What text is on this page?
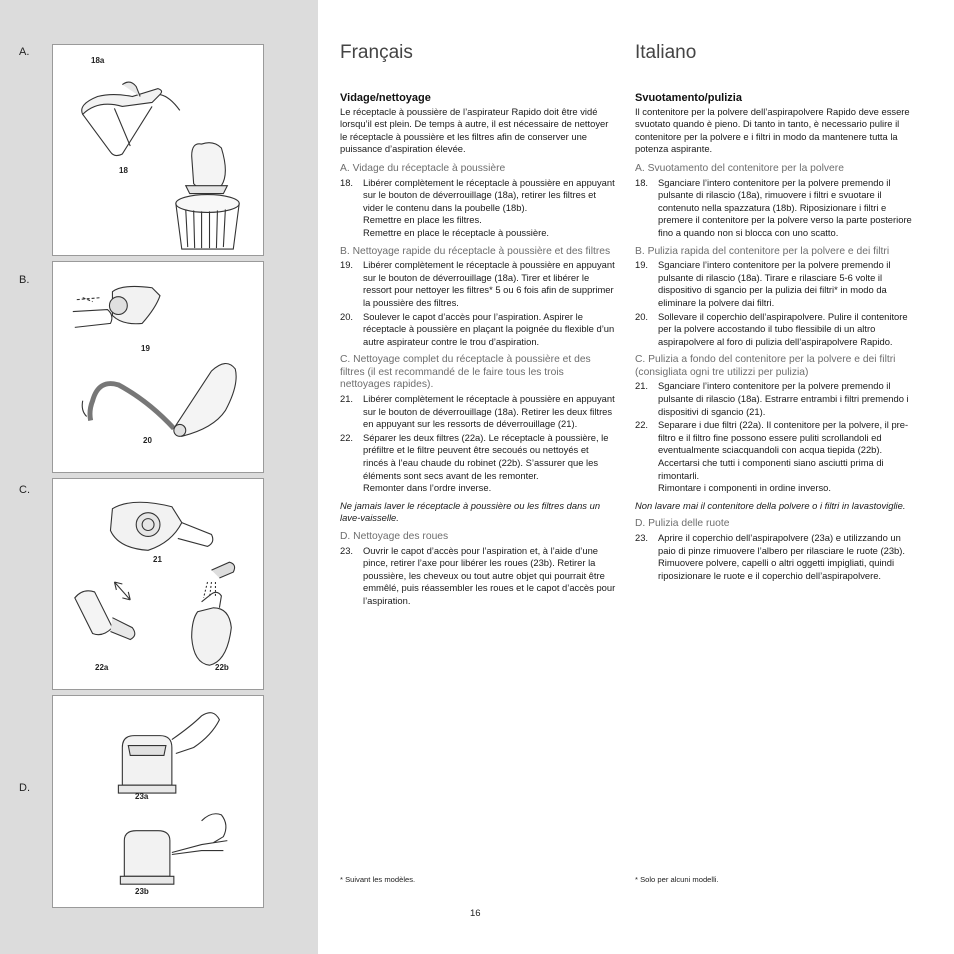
A.
B.
C.
D.
18a
18
19
20
21
22a	22b
23a
23b
Français
Vidage/nettoyage

Le réceptacle à poussière de l’aspirateur Rapido doit être vidé lorsqu’il est plein. De temps à autre, il est nécessaire de nettoyer le réceptacle à poussière et les filtres afin de conserver une puissance d’aspiration élevée.

A. Vidage du réceptacle à poussière
18. Libérer complètement le réceptacle à poussière en appuyant sur le bouton de déverrouillage (18a), retirer les filtres et vider le contenu dans la poubelle (18b).
Remettre en place les filtres.
Remettre en place le réceptacle à poussière.
B. Nettoyage rapide du réceptacle à poussière et des filtres
19. Libérer complètement le réceptacle à poussière en appuyant sur le bouton de déverrouillage (18a). Tirer et libérer le ressort pour nettoyer les filtres* 5 ou 6 fois afin de supprimer la poussière des filtres.
20. Soulever le capot d’accès pour l’aspiration. Aspirer le réceptacle à poussière en plaçant la poignée du flexible d’un autre aspirateur contre le trou d’aspiration.
C. Nettoyage complet du réceptacle à poussière et des filtres (il est recommandé de le faire tous les trois nettoyages rapides).
21. Libérer complètement le réceptacle à poussière en appuyant sur le bouton de déverrouillage (18a). Retirer les deux filtres en appuyant sur les ressorts de déverrouillage (21).
22. Séparer les deux filtres (22a). Le réceptacle à poussière, le préfiltre et le filtre peuvent être secoués ou nettoyés et rincés à l’eau chaude du robinet (22b). S’assurer que les éléments sont secs avant de les remonter.
Remonter dans l’ordre inverse.

Ne jamais laver le réceptacle à poussière ou les filtres dans un lave-vaisselle.

D. Nettoyage des roues
23. Ouvrir le capot d’accès pour l’aspiration et, à l’aide d’une pince, retirer l’axe pour libérer les roues (23b). Retirer la poussière, les cheveux ou tout autre objet qui pourrait être emmêlé, puis réassembler les roues et le capot d’accès pour l’aspiration.
* Suivant les modèles.
Italiano
Svuotamento/pulizia

Il contenitore per la polvere dell’aspirapolvere Rapido deve essere svuotato quando è pieno. Di tanto in tanto, è necessario pulire il contenitore per la polvere e i filtri in modo da mantenere tutta la potenza aspirante.

A. Svuotamento del contenitore per la polvere
18. Sganciare l’intero contenitore per la polvere premendo il pulsante di rilascio (18a), rimuovere i filtri e svuotare il contenuto nella spazzatura (18b). Riposizionare i filtri e premere il contenitore per la polvere verso la parte posteriore fino a quando non si blocca con uno scatto.
B. Pulizia rapida del contenitore per la polvere e dei filtri
19. Sganciare l’intero contenitore per la polvere premendo il pulsante di rilascio (18a). Tirare e rilasciare 5-6 volte il dispositivo di sgancio per la pulizia dei filtri* in modo da eliminare la polvere dai filtri.
20. Sollevare il coperchio dell’aspirapolvere. Pulire il contenitore per la polvere accostando il tubo flessibile di un altro aspirapolvere al foro di pulizia dell’aspirapolvere Rapido.
C. Pulizia a fondo del contenitore per la polvere e dei filtri (consigliata ogni tre utilizzi per pulizia)
21. Sganciare l’intero contenitore per la polvere premendo il pulsante di rilascio (18a). Estrarre entrambi i filtri premendo i dispositivi di sgancio (21).
22. Separare i due filtri (22a). Il contenitore per la polvere, il pre-filtro e il filtro fine possono essere puliti scrollandoli ed eventualmente sciacquandoli con acqua tiepida (22b). Accertarsi che tutti i componenti siano asciutti prima di rimontarli.
Rimontare i componenti in ordine inverso.

Non lavare mai il contenitore della polvere o i filtri in lavastoviglie.

D. Pulizia delle ruote
23. Aprire il coperchio dell’aspirapolvere (23a) e utilizzando un paio di pinze rimuovere l’albero per rilasciare le ruote (23b). Rimuovere polvere, capelli o altri oggetti impigliati, quindi riposizionare le ruote e il coperchio dell’aspirapolvere.
* Solo per alcuni modelli.
16
